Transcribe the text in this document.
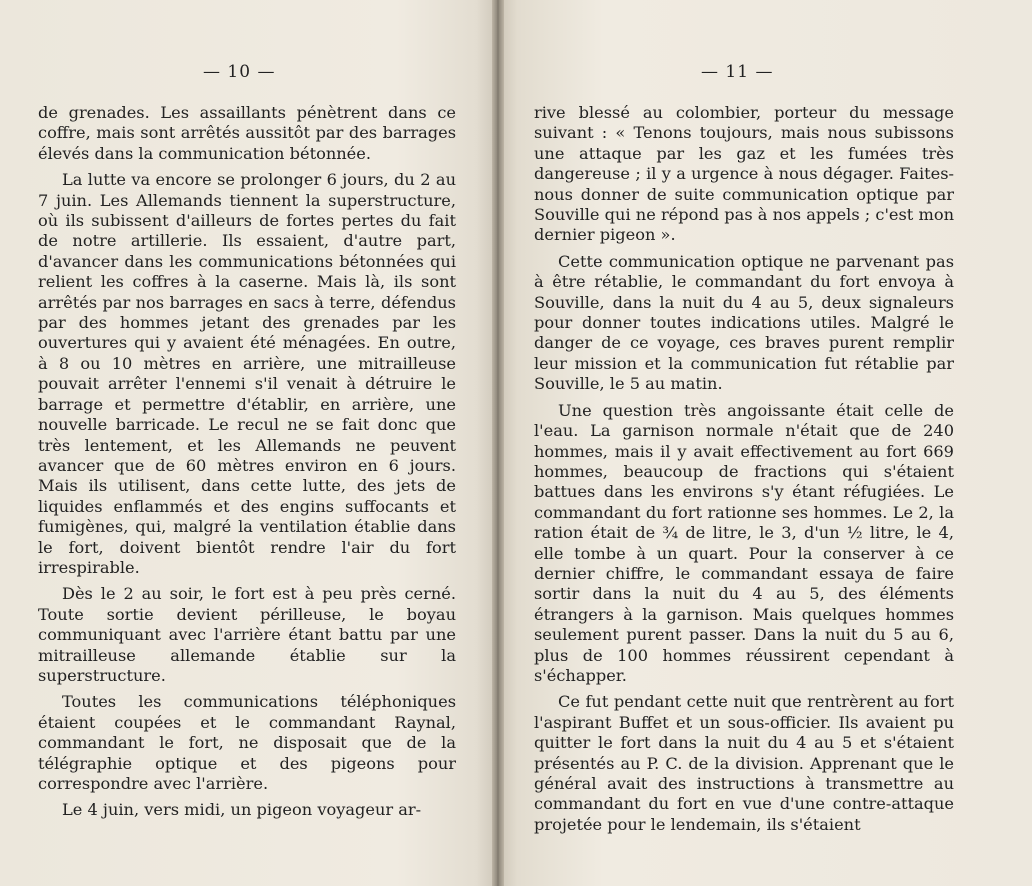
— 10 —

de grenades. Les assaillants pénètrent dans ce coffre, mais sont arrêtés aussitôt par des barrages élevés dans la communication bétonnée.

La lutte va encore se prolonger 6 jours, du 2 au 7 juin. Les Allemands tiennent la superstructure, où ils subissent d'ailleurs de fortes pertes du fait de notre artillerie. Ils essaient, d'autre part, d'avancer dans les communications bétonnées qui relient les coffres à la caserne. Mais là, ils sont arrêtés par nos barrages en sacs à terre, défendus par des hommes jetant des grenades par les ouvertures qui y avaient été ménagées. En outre, à 8 ou 10 mètres en arrière, une mitrailleuse pouvait arrêter l'ennemi s'il venait à détruire le barrage et permettre d'établir, en arrière, une nouvelle barricade. Le recul ne se fait donc que très lentement, et les Allemands ne peuvent avancer que de 60 mètres environ en 6 jours. Mais ils utilisent, dans cette lutte, des jets de liquides enflammés et des engins suffocants et fumigènes, qui, malgré la ventilation établie dans le fort, doivent bientôt rendre l'air du fort irrespirable.

Dès le 2 au soir, le fort est à peu près cerné. Toute sortie devient périlleuse, le boyau communiquant avec l'arrière étant battu par une mitrailleuse allemande établie sur la superstructure.

Toutes les communications téléphoniques étaient coupées et le commandant Raynal, commandant le fort, ne disposait que de la télégraphie optique et des pigeons pour correspondre avec l'arrière.

Le 4 juin, vers midi, un pigeon voyageur ar-

— 11 —

rive blessé au colombier, porteur du message suivant : « Tenons toujours, mais nous subissons une attaque par les gaz et les fumées très dangereuse ; il y a urgence à nous dégager. Faites-nous donner de suite communication optique par Souville qui ne répond pas à nos appels ; c'est mon dernier pigeon ».

Cette communication optique ne parvenant pas à être rétablie, le commandant du fort envoya à Souville, dans la nuit du 4 au 5, deux signaleurs pour donner toutes indications utiles. Malgré le danger de ce voyage, ces braves purent remplir leur mission et la communication fut rétablie par Souville, le 5 au matin.

Une question très angoissante était celle de l'eau. La garnison normale n'était que de 240 hommes, mais il y avait effectivement au fort 669 hommes, beaucoup de fractions qui s'étaient battues dans les environs s'y étant réfugiées. Le commandant du fort rationne ses hommes. Le 2, la ration était de ¾ de litre, le 3, d'un ½ litre, le 4, elle tombe à un quart. Pour la conserver à ce dernier chiffre, le commandant essaya de faire sortir dans la nuit du 4 au 5, des éléments étrangers à la garnison. Mais quelques hommes seulement purent passer. Dans la nuit du 5 au 6, plus de 100 hommes réussirent cependant à s'échapper.

Ce fut pendant cette nuit que rentrèrent au fort l'aspirant Buffet et un sous-officier. Ils avaient pu quitter le fort dans la nuit du 4 au 5 et s'étaient présentés au P. C. de la division. Apprenant que le général avait des instructions à transmettre au commandant du fort en vue d'une contre-attaque projetée pour le lendemain, ils s'étaient
